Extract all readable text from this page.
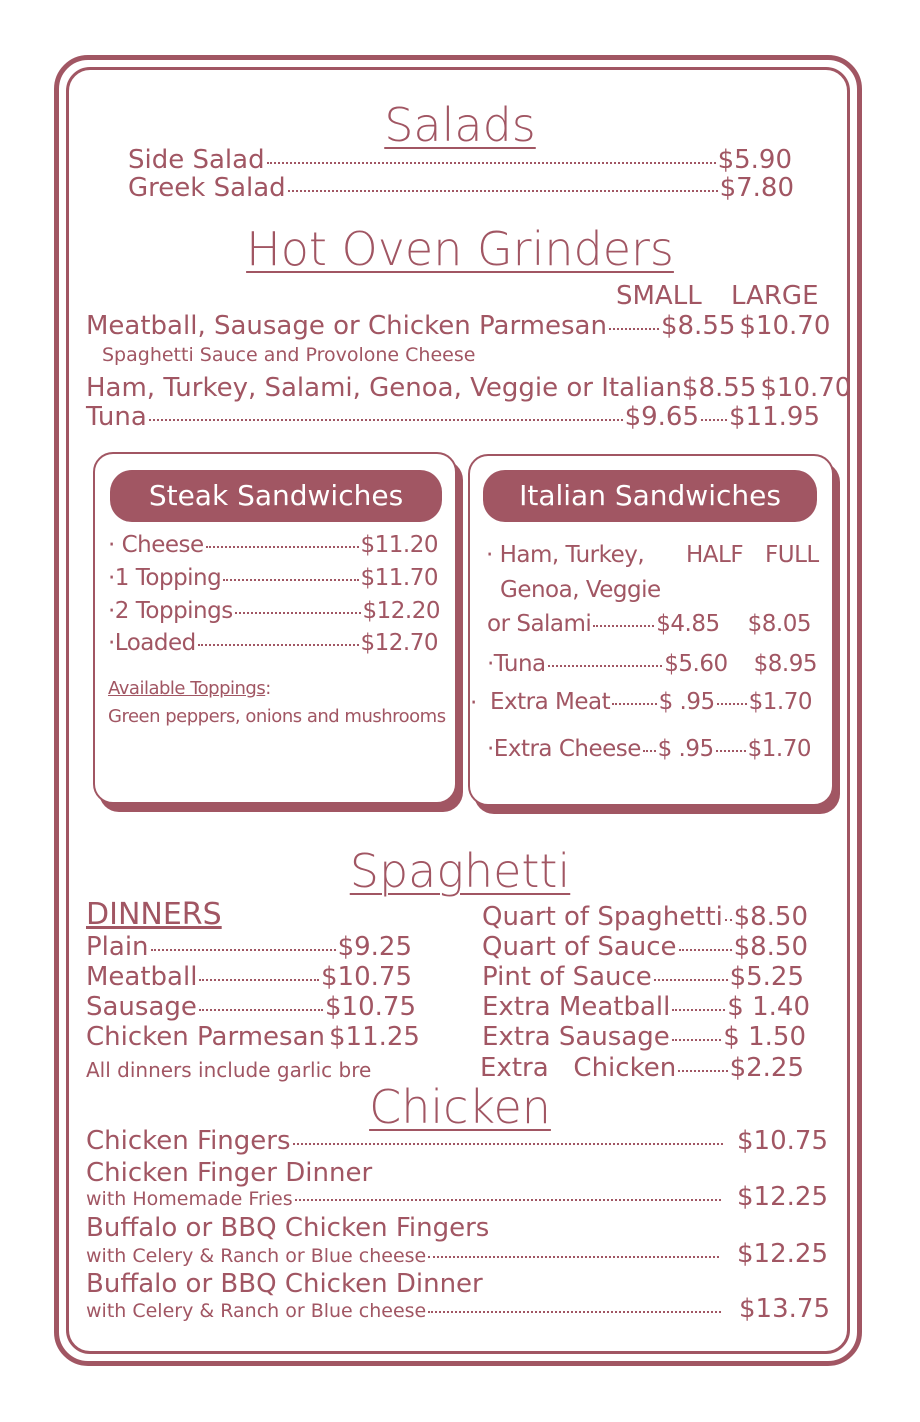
Salads
Side Salad	$5.90
Greek Salad	$7.80
Hot Oven Grinders
SMALL LARGE
Meatball, Sausage or Chicken Parmesan $8.55 $10.70
Spaghetti Sauce and Provolone Cheese
Ham, Turkey, Salami, Genoa, Veggie or Italian $8.55 $10.70
Tuna	$9.65 $11.95
Steak Sandwiches
· Cheese	$11.20
·1 Topping	$11.70
·2 Toppings	$12.20
·Loaded	$12.70
Available Toppings:
Green peppers, onions and mushrooms
Italian Sandwiches
HALF FULL
· Ham, Turkey,
Genoa, Veggie
or Salami	$4.85 $8.05
·Tuna	$5.60 $8.95
· Extra Meat $ .95 $1.70
·Extra Cheese $ .95 $1.70
Spaghetti
DINNERS
Plain	$9.25
Meatball	$10.75
Sausage	$10.75
Chicken Parmesan $11.25
All dinners include garlic bre
Quart of Spaghetti $8.50
Quart of Sauce $8.50
Pint of Sauce	$5.25
Extra Meatball $ 1.40
Extra Sausage $ 1.50
Extra   Chicken $2.25
Chicken
Chicken Fingers	$10.75
Chicken Finger Dinner
with Homemade Fries	$12.25
Buffalo or BBQ Chicken Fingers
with Celery & Ranch or Blue cheese	$12.25
Buffalo or BBQ Chicken Dinner
with Celery & Ranch or Blue cheese	$13.75
